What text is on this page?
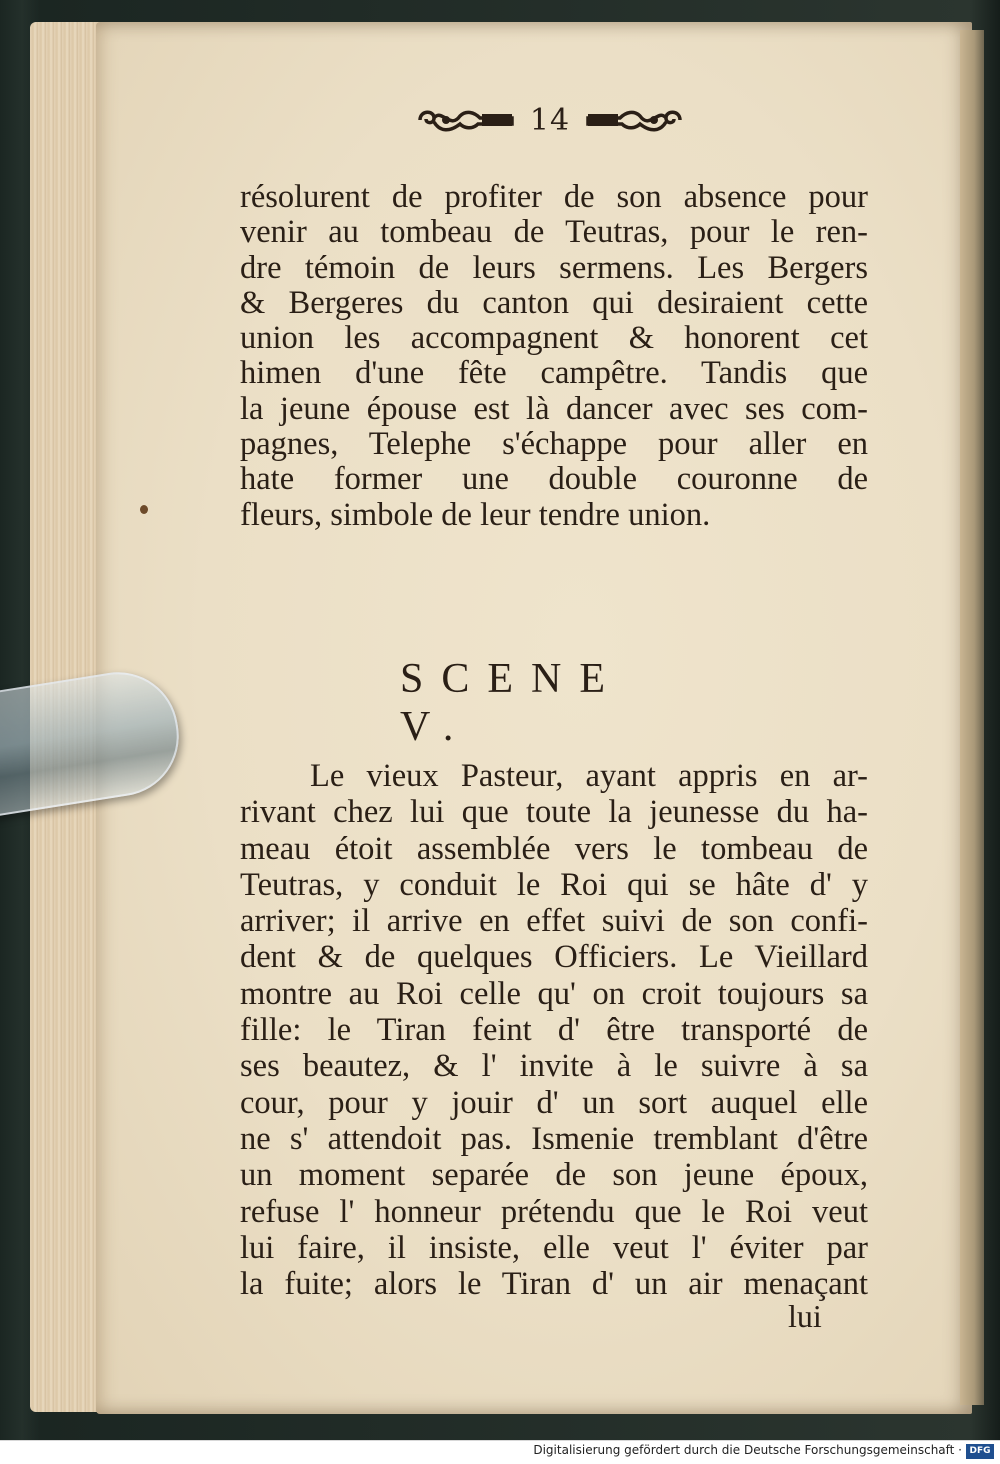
14
résolurent de profiter de son absence pour
venir au tombeau de Teutras, pour le ren-
dre témoin de leurs sermens. Les Bergers
& Bergeres du canton qui desiraient cette
union les accompagnent & honorent cet
himen d'une fête campêtre. Tandis que
la jeune épouse est là dancer avec ses com-
pagnes, Telephe s'échappe pour aller en
hate former une double couronne de
fleurs, simbole de leur tendre union.
SCENE V.
Le vieux Pasteur, ayant appris en ar-
rivant chez lui que toute la jeunesse du ha-
meau étoit assemblée vers le tombeau de
Teutras, y conduit le Roi qui se hâte d' y
arriver; il arrive en effet suivi de son confi-
dent & de quelques Officiers. Le Vieillard
montre au Roi celle qu' on croit toujours sa
fille: le Tiran feint d' être transporté de
ses beautez, & l' invite à le suivre à sa
cour, pour y jouir d' un sort auquel elle
ne s' attendoit pas. Ismenie tremblant d'être
un moment separée de son jeune époux,
refuse l' honneur prétendu que le Roi veut
lui faire, il insiste, elle veut l' éviter par
la fuite; alors le Tiran d' un air menaçant
lui
Digitalisierung gefördert durch die Deutsche Forschungsgemeinschaft · DFG
